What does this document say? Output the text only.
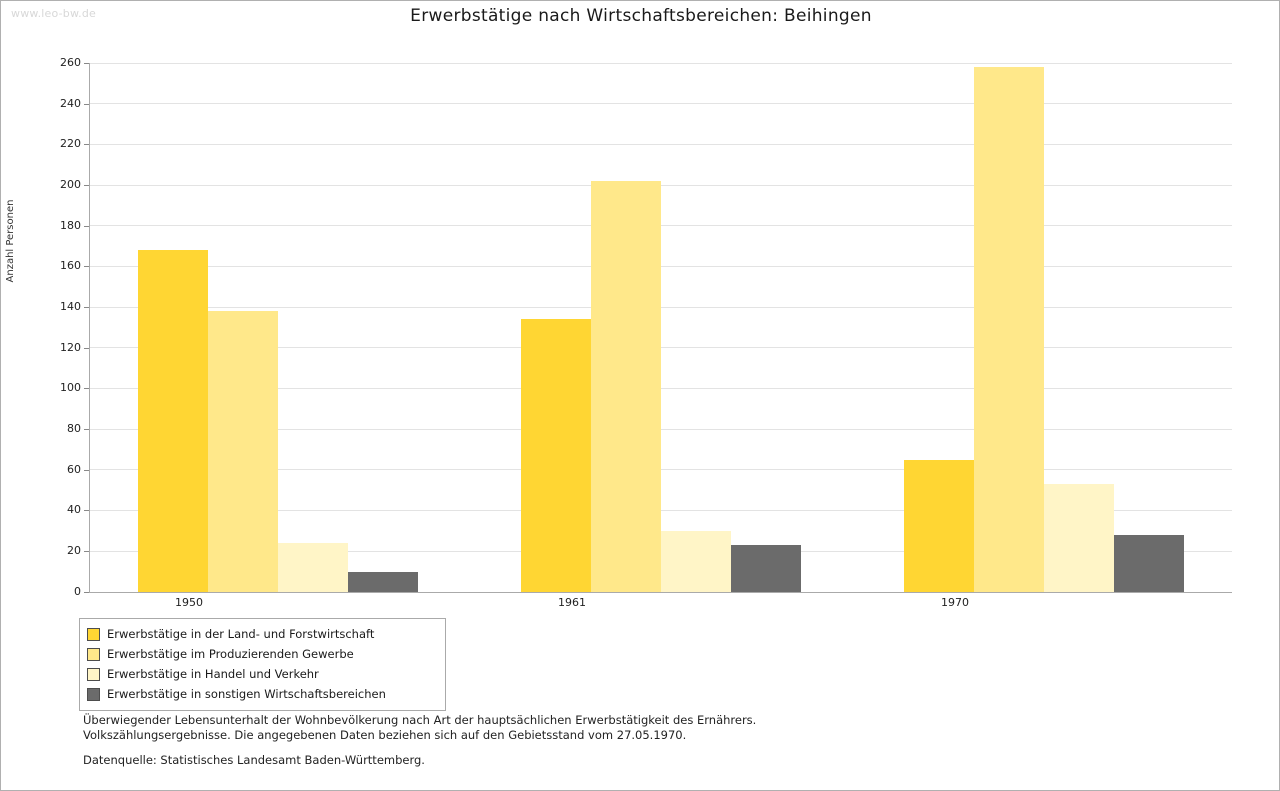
www.leo-bw.de	Erwerbstätige nach Wirtschaftsbereichen: Beihingen
Anzahl Personen
0
20
40
60
80
100
120
140
160
180
200
220
240
260
1950	1961	1970
Erwerbstätige in der Land- und Forstwirtschaft
Erwerbstätige im Produzierenden Gewerbe
Erwerbstätige in Handel und Verkehr
Erwerbstätige in sonstigen Wirtschaftsbereichen
Überwiegender Lebensunterhalt der Wohnbevölkerung nach Art der hauptsächlichen Erwerbstätigkeit des Ernährers.
Volkszählungsergebnisse. Die angegebenen Daten beziehen sich auf den Gebietsstand vom 27.05.1970.
Datenquelle: Statistisches Landesamt Baden-Württemberg.
